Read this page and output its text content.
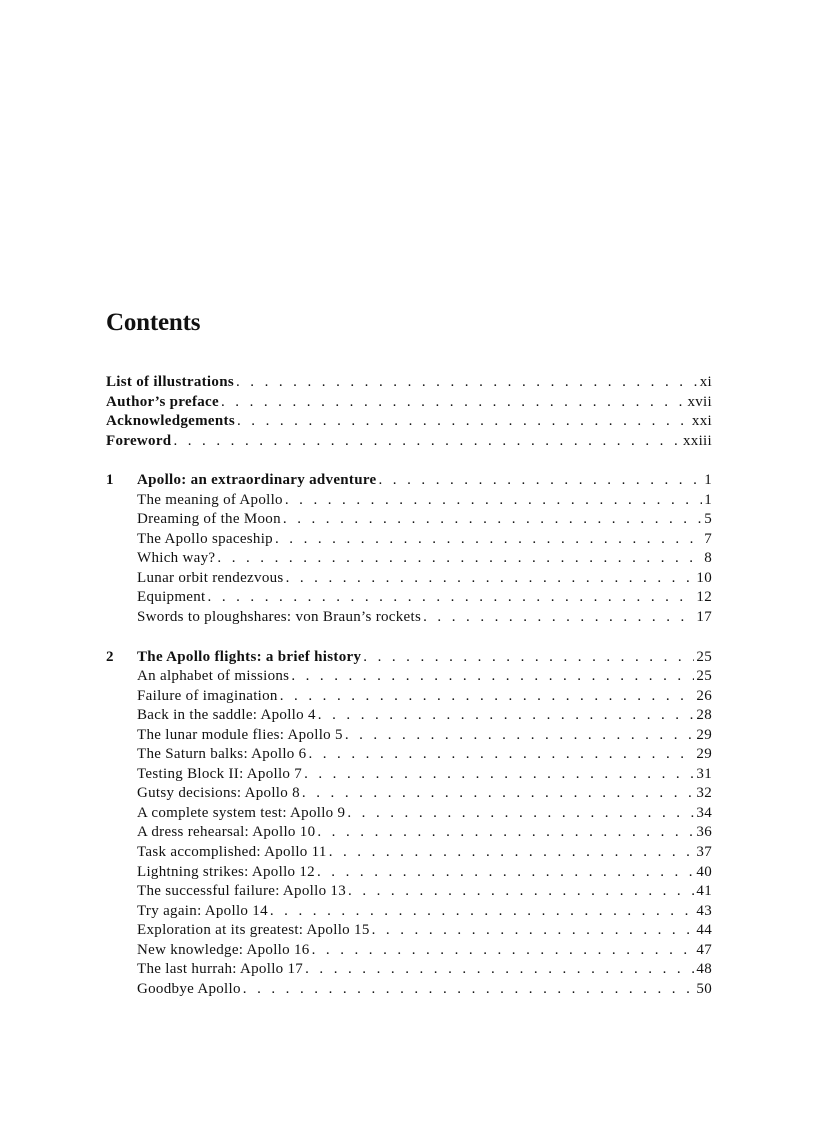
Contents
List of illustrations . . .	xi
Author’s preface . . .	xvii
Acknowledgements . . .	xxi
Foreword . . .	xxiii
1	Apollo: an extraordinary adventure . . .	1
The meaning of Apollo . . .	1
Dreaming of the Moon . . .	5
The Apollo spaceship . . .	7
Which way? . . .	8
Lunar orbit rendezvous . . .	10
Equipment . . .	12
Swords to ploughshares: von Braun’s rockets . . .	17
2	The Apollo flights: a brief history . . .	25
An alphabet of missions . . .	25
Failure of imagination . . .	26
Back in the saddle: Apollo 4 . . .	28
The lunar module flies: Apollo 5 . . .	29
The Saturn balks: Apollo 6 . . .	29
Testing Block II: Apollo 7 . . .	31
Gutsy decisions: Apollo 8 . . .	32
A complete system test: Apollo 9 . . .	34
A dress rehearsal: Apollo 10 . . .	36
Task accomplished: Apollo 11 . . .	37
Lightning strikes: Apollo 12 . . .	40
The successful failure: Apollo 13 . . .	41
Try again: Apollo 14 . . .	43
Exploration at its greatest: Apollo 15 . . .	44
New knowledge: Apollo 16 . . .	47
The last hurrah: Apollo 17 . . .	48
Goodbye Apollo . . .	50
